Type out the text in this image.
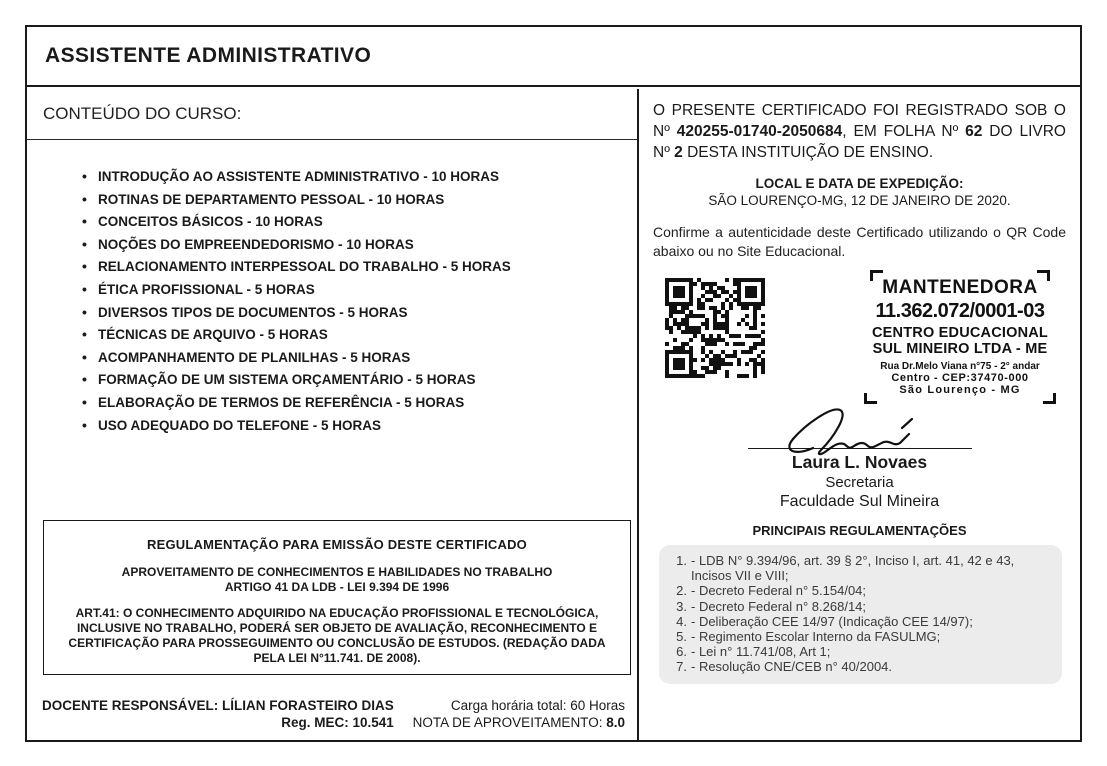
ASSISTENTE ADMINISTRATIVO
CONTEÚDO DO CURSO:
• INTRODUÇÃO AO ASSISTENTE ADMINISTRATIVO - 10 HORAS
• ROTINAS DE DEPARTAMENTO PESSOAL - 10 HORAS
• CONCEITOS BÁSICOS - 10 HORAS
• NOÇÕES DO EMPREENDEDORISMO - 10 HORAS
• RELACIONAMENTO INTERPESSOAL DO TRABALHO - 5 HORAS
• ÉTICA PROFISSIONAL - 5 HORAS
• DIVERSOS TIPOS DE DOCUMENTOS - 5 HORAS
• TÉCNICAS DE ARQUIVO - 5 HORAS
• ACOMPANHAMENTO DE PLANILHAS - 5 HORAS
• FORMAÇÃO DE UM SISTEMA ORÇAMENTÁRIO - 5 HORAS
• ELABORAÇÃO DE TERMOS DE REFERÊNCIA - 5 HORAS
• USO ADEQUADO DO TELEFONE - 5 HORAS
REGULAMENTAÇÃO PARA EMISSÃO DESTE CERTIFICADO
APROVEITAMENTO DE CONHECIMENTOS E HABILIDADES NO TRABALHO
ARTIGO 41 DA LDB - LEI 9.394 DE 1996
ART.41: O CONHECIMENTO ADQUIRIDO NA EDUCAÇÃO PROFISSIONAL E TECNOLÓGICA, INCLUSIVE NO TRABALHO, PODERÁ SER OBJETO DE AVALIAÇÃO, RECONHECIMENTO E CERTIFICAÇÃO PARA PROSSEGUIMENTO OU CONCLUSÃO DE ESTUDOS. (REDAÇÃO DADA PELA LEI N°11.741. DE 2008).
DOCENTE RESPONSÁVEL: LÍLIAN FORASTEIRO DIAS
Reg. MEC: 10.541
Carga horária total: 60 Horas
NOTA DE APROVEITAMENTO: 8.0

O PRESENTE CERTIFICADO FOI REGISTRADO SOB O Nº 420255-01740-2050684, EM FOLHA Nº 62 DO LIVRO Nº 2 DESTA INSTITUIÇÃO DE ENSINO.

LOCAL E DATA DE EXPEDIÇÃO:
SÃO LOURENÇO-MG, 12 DE JANEIRO DE 2020.

Confirme a autenticidade deste Certificado utilizando o QR Code abaixo ou no Site Educacional.

MANTENEDORA
11.362.072/0001-03
CENTRO EDUCACIONAL
SUL MINEIRO LTDA - ME
Rua Dr.Melo Viana n°75 - 2° andar
Centro - CEP:37470-000
São Lourenço - MG
Laura L. Novaes
Secretaria
Faculdade Sul Mineira
PRINCIPAIS REGULAMENTAÇÕES
1. - LDB N° 9.394/96, art. 39 § 2°, Inciso I, art. 41, 42 e 43, Incisos VII e VIII;
2. - Decreto Federal n° 5.154/04;
3. - Decreto Federal n° 8.268/14;
4. - Deliberação CEE 14/97 (Indicação CEE 14/97);
5. - Regimento Escolar Interno da FASULMG;
6. - Lei n° 11.741/08, Art 1;
7. - Resolução CNE/CEB n° 40/2004.
